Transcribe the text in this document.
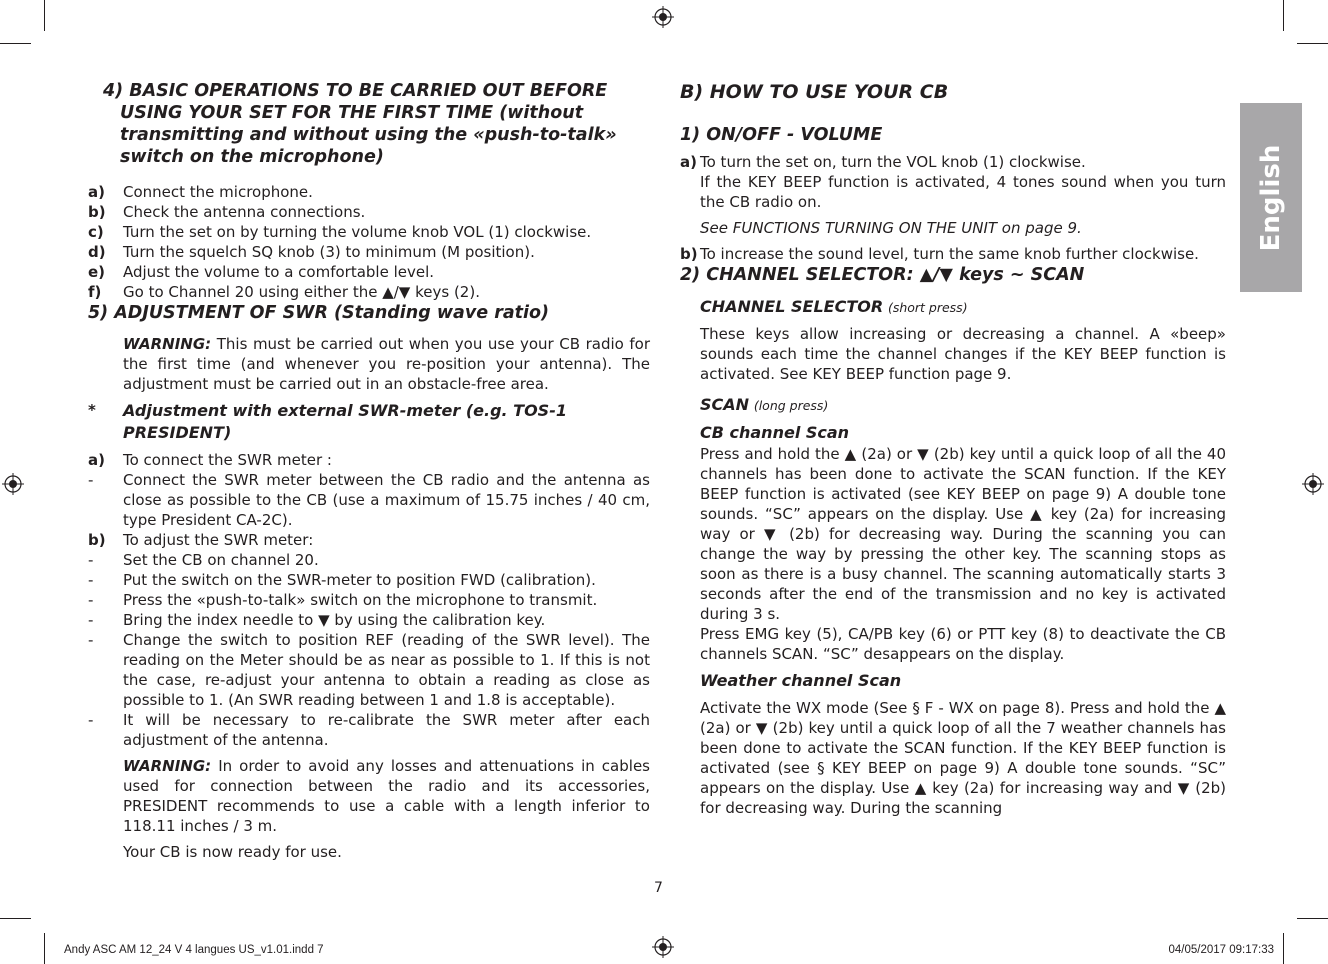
English
4) BASIC OPERATIONS TO BE CARRIED OUT BEFORE USING YOUR SET FOR THE FIRST TIME (without transmitting and without using the «push-to-talk» switch on the microphone)
a)	Connect the microphone.
b)	Check the antenna connections.
c)	Turn the set on by turning the volume knob VOL (1) clockwise.
d)	Turn the squelch SQ knob (3) to minimum (M position).
e)	Adjust the volume to a comfortable level.
f)	Go to Channel 20 using either the ▲/▼ keys (2).
5) ADJUSTMENT OF SWR (Standing wave ratio)
WARNING: This must be carried out when you use your CB radio for the first time (and whenever you re-position your antenna). The adjustment must be carried out in an obstacle-free area.
*	Adjustment with external SWR-meter (e.g. TOS-1 PRESIDENT)
a)	To connect the SWR meter :
-	Connect the SWR meter between the CB radio and the antenna as close as possible to the CB (use a maximum of 15.75 inches / 40 cm, type President CA-2C).
b)	To adjust the SWR meter:
-	Set the CB on channel 20.
-	Put the switch on the SWR-meter to position FWD (calibration).
-	Press the «push-to-talk» switch on the microphone to transmit.
-	Bring the index needle to ▼ by using the calibration key.
-	Change the switch to position REF (reading of the SWR level). The reading on the Meter should be as near as possible to 1. If this is not the case, re-adjust your antenna to obtain a reading as close as possible to 1. (An SWR reading between 1 and 1.8 is acceptable).
-	It will be necessary to re-calibrate the SWR meter after each adjustment of the antenna.
WARNING: In order to avoid any losses and attenuations in cables used for connection between the radio and its accessories, PRESIDENT recommends to use a cable with a length inferior to 118.11 inches / 3 m.
Your CB is now ready for use.
B) HOW TO USE YOUR CB
1) ON/OFF - VOLUME
a) To turn the set on, turn the VOL knob (1) clockwise.
If the KEY BEEP function is activated, 4 tones sound when you turn the CB radio on.
See FUNCTIONS TURNING ON THE UNIT on page 9.
b) To increase the sound level, turn the same knob further clockwise.
2) CHANNEL SELECTOR: ▲/▼ keys ~ SCAN
CHANNEL SELECTOR (short press)
These keys allow increasing or decreasing a channel. A «beep» sounds each time the channel changes if the KEY BEEP function is activated. See KEY BEEP function page 9.
SCAN (long press)
CB channel Scan
Press and hold the ▲ (2a) or ▼ (2b) key until a quick loop of all the 40 channels has been done to activate the SCAN function. If the KEY BEEP function is activated (see KEY BEEP on page 9) A double tone sounds. “SC” appears on the display. Use ▲ key (2a) for increasing way or ▼ (2b) for decreasing way. During the scanning you can change the way by pressing the other key. The scanning stops as soon as there is a busy channel. The scanning automatically starts 3 seconds after the end of the transmission and no key is activated during 3 s.
Press EMG key (5), CA/PB key (6) or PTT key (8) to deactivate the CB channels SCAN. “SC” desappears on the display.
Weather channel Scan
Activate the WX mode (See § F - WX on page 8). Press and hold the ▲ (2a) or ▼ (2b) key until a quick loop of all the 7 weather channels has been done to activate the SCAN function. If the KEY BEEP function is activated (see § KEY BEEP on page 9) A double tone sounds. “SC” appears on the display. Use ▲ key (2a) for increasing way and ▼ (2b) for decreasing way. During the scanning
7
Andy ASC AM 12_24 V 4 langues US_v1.01.indd 7	04/05/2017 09:17:33
